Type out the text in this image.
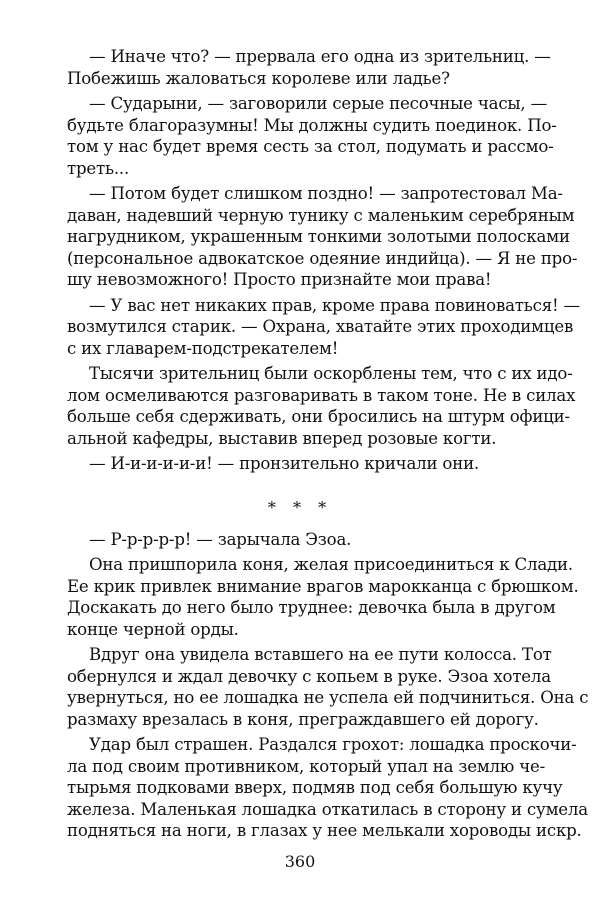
— Иначе что? — прервала его одна из зрительниц. —
Побежишь жаловаться королеве или ладье?
— Сударыни, — заговорили серые песочные часы, —
будьте благоразумны! Мы должны судить поединок. По-
том у нас будет время сесть за стол, подумать и рассмо-
треть...
— Потом будет слишком поздно! — запротестовал Ма-
даван, надевший черную тунику с маленьким серебряным
нагрудником, украшенным тонкими золотыми полосками
(персональное адвокатское одеяние индийца). — Я не про-
шу невозможного! Просто признайте мои права!
— У вас нет никаких прав, кроме права повиноваться! —
возмутился старик. — Охрана, хватайте этих проходимцев
с их главарем-подстрекателем!
Тысячи зрительниц были оскорблены тем, что с их идо-
лом осмеливаются разговаривать в таком тоне. Не в силах
больше себя сдерживать, они бросились на штурм офици-
альной кафедры, выставив вперед розовые когти.
— И-и-и-и-и-и! — пронзительно кричали они.
* * *
— Р-р-р-р-р! — зарычала Эзоа.
Она пришпорила коня, желая присоединиться к Слади.
Ее крик привлек внимание врагов марокканца с брюшком.
Доскакать до него было труднее: девочка была в другом
конце черной орды.
Вдруг она увидела вставшего на ее пути колосса. Тот
обернулся и ждал девочку с копьем в руке. Эзоа хотела
увернуться, но ее лошадка не успела ей подчиниться. Она с
размаху врезалась в коня, преграждавшего ей дорогу.
Удар был страшен. Раздался грохот: лошадка проскочи-
ла под своим противником, который упал на землю че-
тырьмя подковами вверх, подмяв под себя большую кучу
железа. Маленькая лошадка откатилась в сторону и сумела
подняться на ноги, в глазах у нее мелькали хороводы искр.
360
